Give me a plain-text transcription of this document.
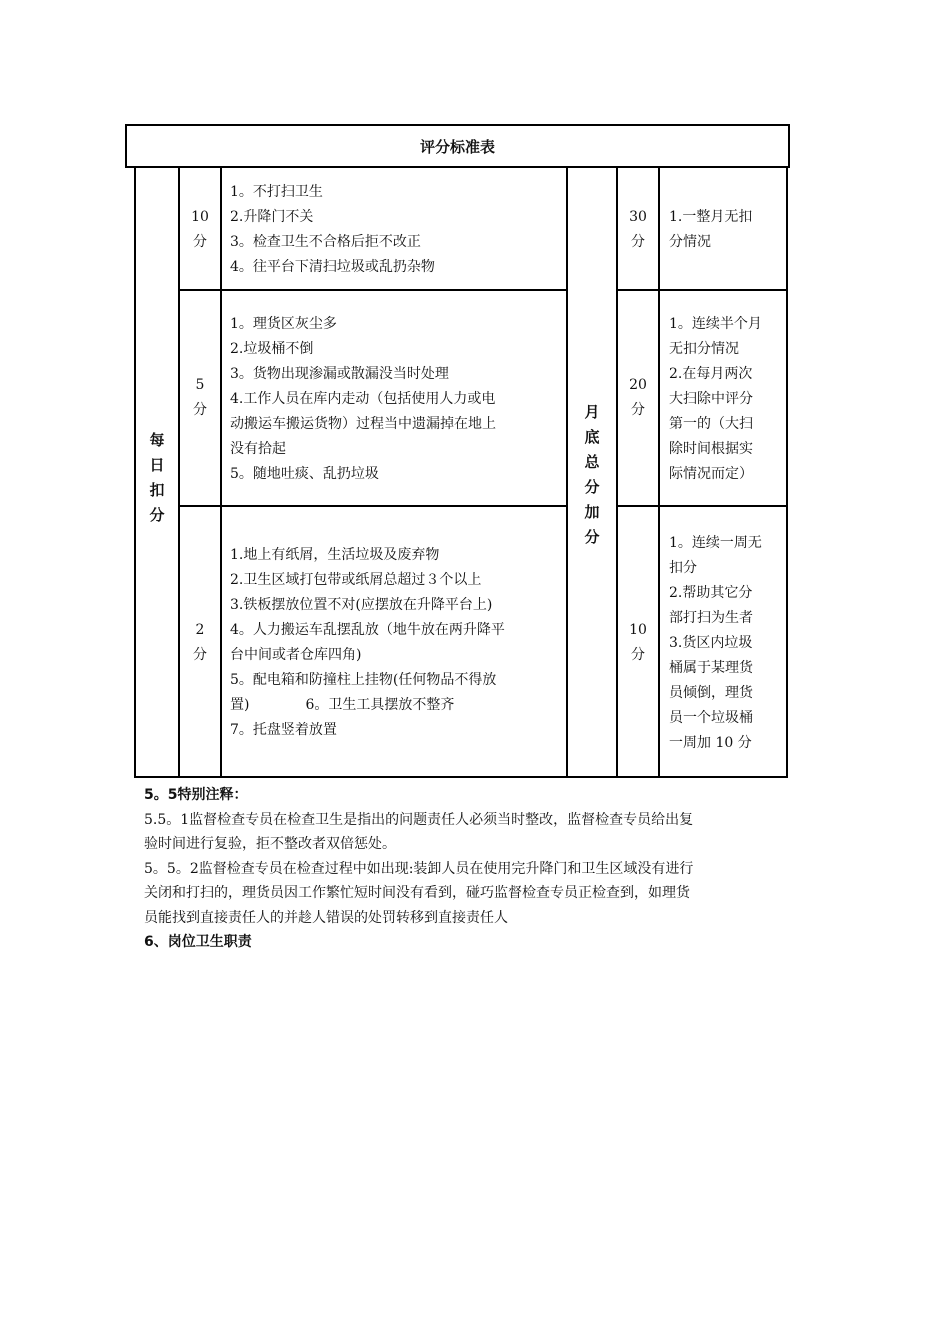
评分标准表
每
日
扣
分
月
底
总
分
加
分
10
分
1。不打扫卫生
2.升降门不关
3。检查卫生不合格后拒不改正
4。往平台下清扫垃圾或乱扔杂物
30
分
1.一整月无扣
分情况
5
分
1。理货区灰尘多
2.垃圾桶不倒
3。货物出现渗漏或散漏没当时处理
4.工作人员在库内走动（包括使用人力或电
动搬运车搬运货物）过程当中遗漏掉在地上
没有拾起
5。随地吐痰、乱扔垃圾
20
分
1。连续半个月
无扣分情况
2.在每月两次
大扫除中评分
第一的（大扫
除时间根据实
际情况而定）
2
分
1.地上有纸屑，生活垃圾及废弃物
2.卫生区域打包带或纸屑总超过３个以上
3.铁板摆放位置不对(应摆放在升降平台上)
4。人力搬运车乱摆乱放（地牛放在两升降平
台中间或者仓库四角)
5。配电箱和防撞柱上挂物(任何物品不得放
置)　　　　6。卫生工具摆放不整齐
7。托盘竖着放置
10
分
1。连续一周无
扣分
2.帮助其它分
部打扫为生者
3.货区内垃圾
桶属于某理货
员倾倒，理货
员一个垃圾桶
一周加 10 分
5。5特别注释：
5.5。1监督检查专员在检查卫生是指出的问题责任人必须当时整改，监督检查专员给出复
验时间进行复验，拒不整改者双倍惩处。
5。5。2监督检查专员在检查过程中如出现:装卸人员在使用完升降门和卫生区域没有进行
关闭和打扫的，理货员因工作繁忙短时间没有看到，碰巧监督检查专员正检查到，如理货
员能找到直接责任人的并趁人错误的处罚转移到直接责任人
6、岗位卫生职责
